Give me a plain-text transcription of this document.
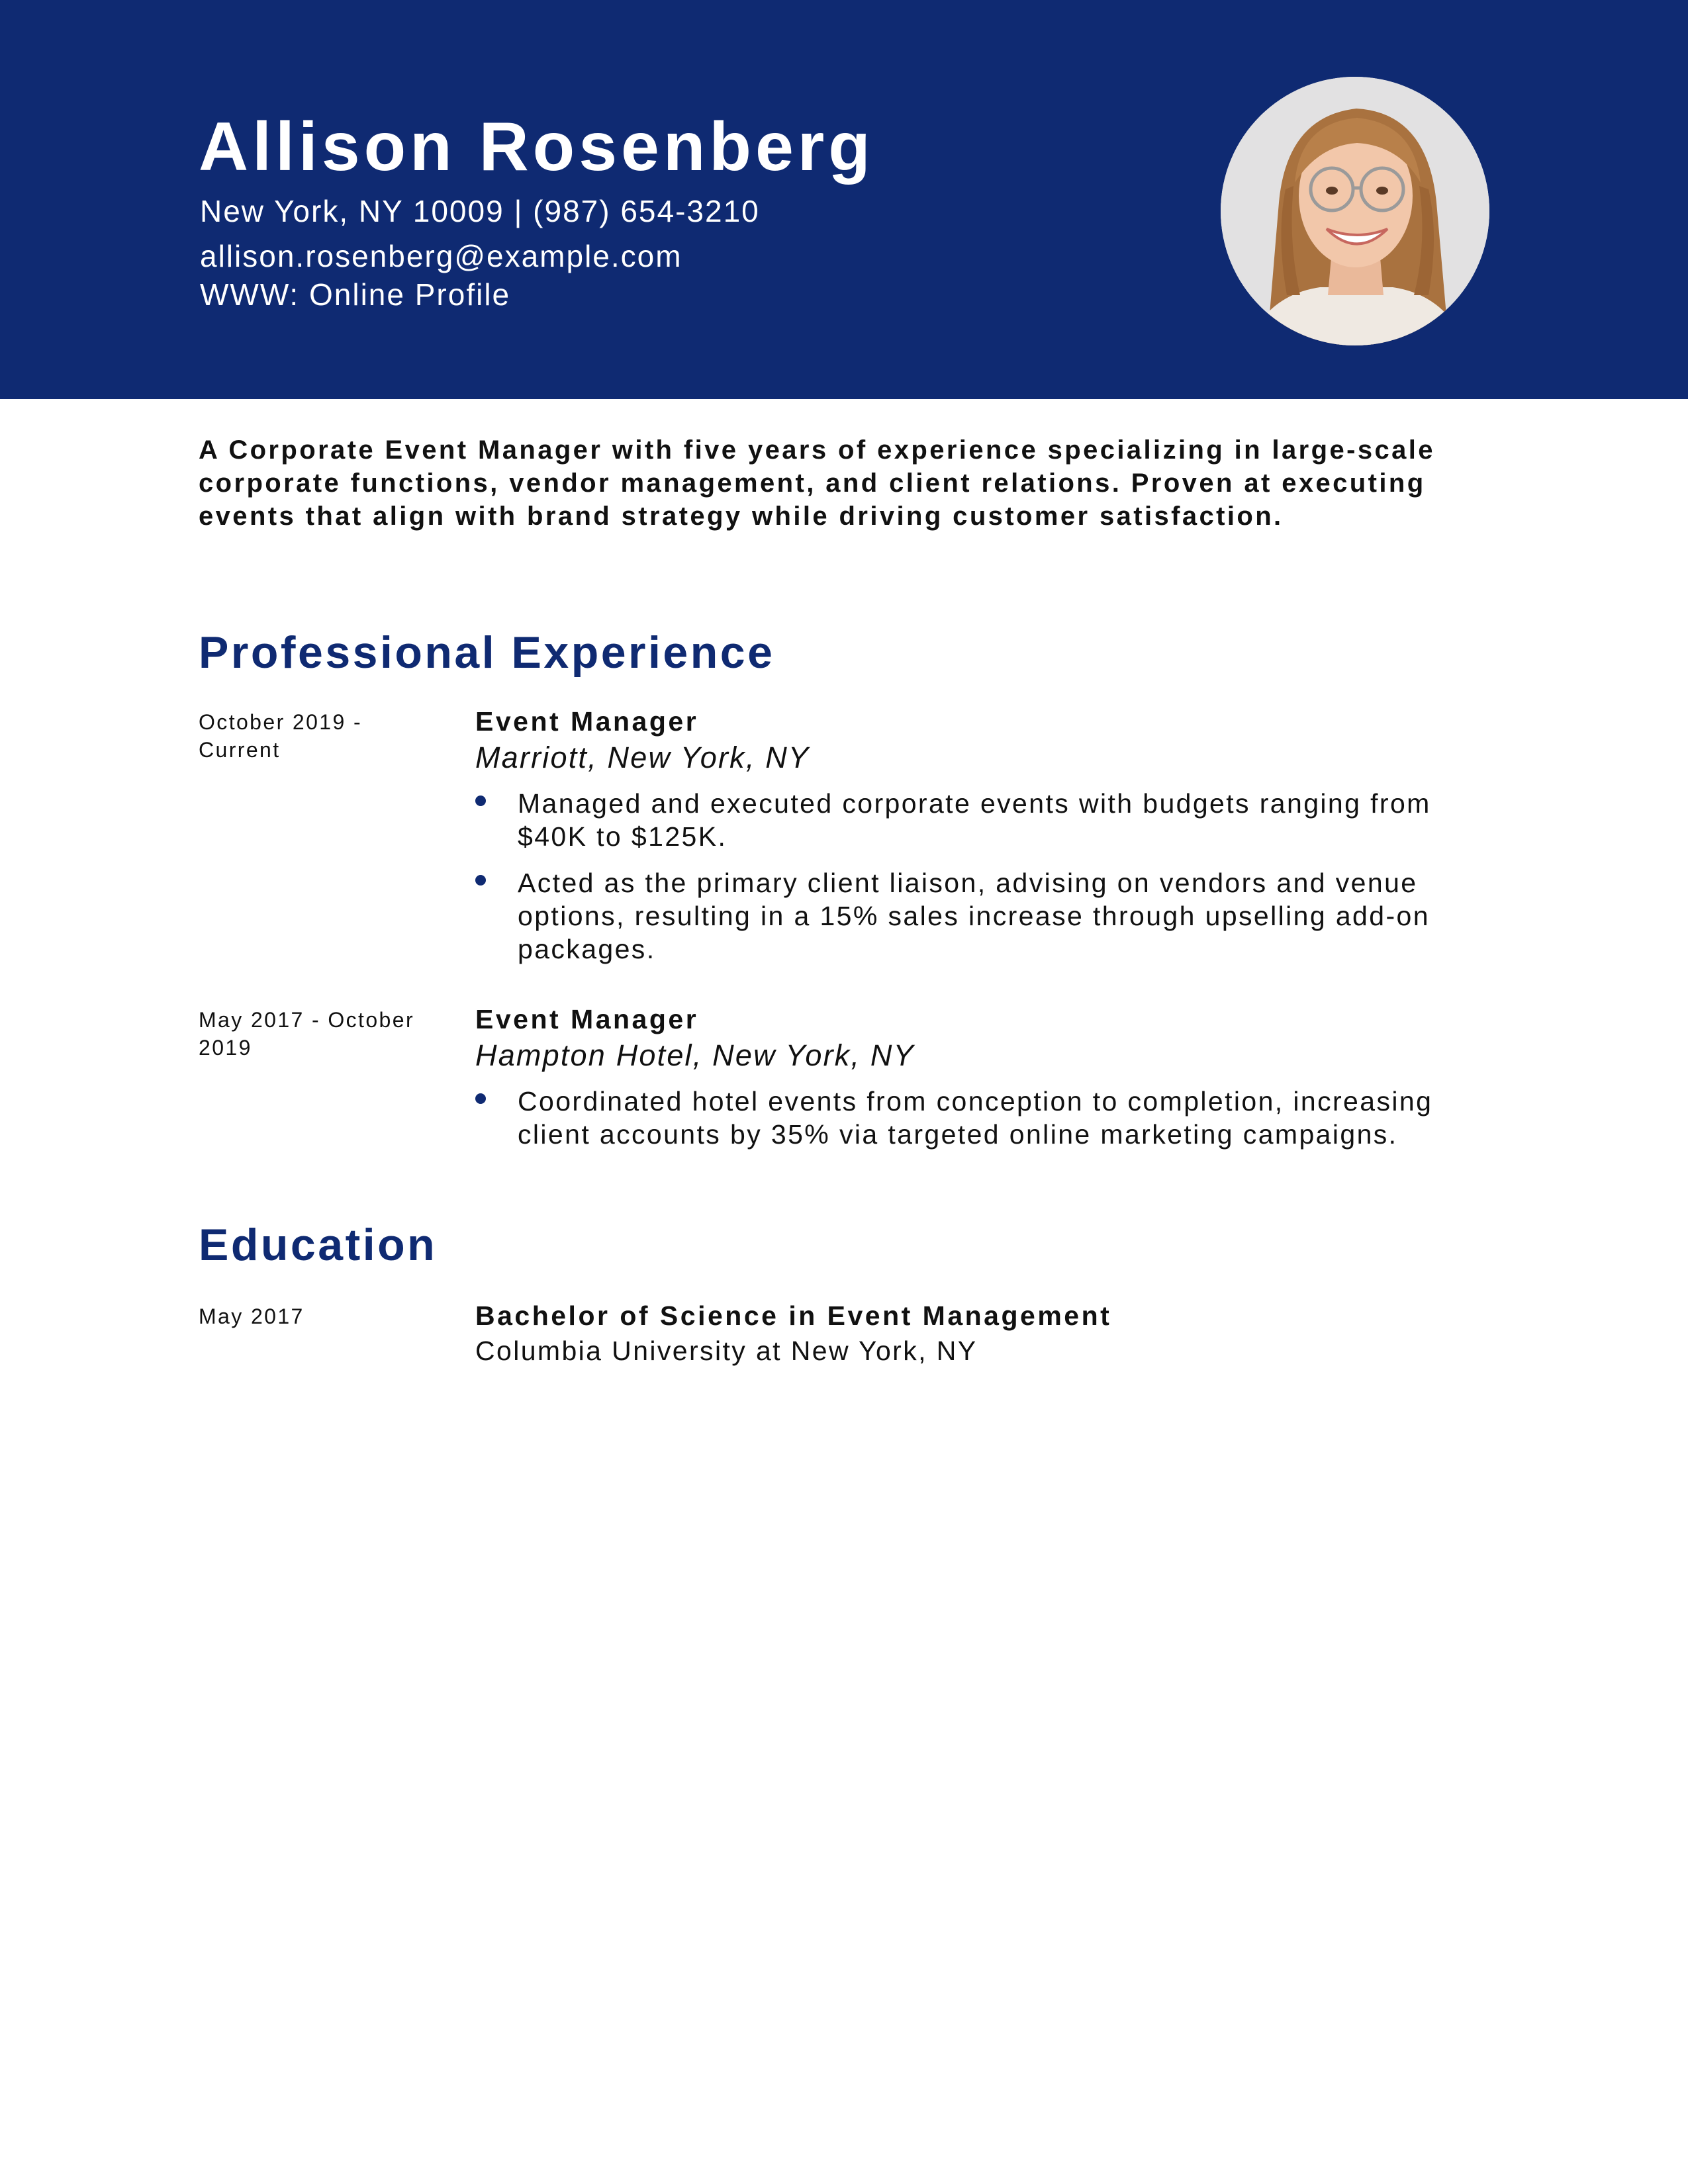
Allison Rosenberg
New York, NY 10009 | (987) 654-3210
allison.rosenberg@example.com
WWW: Online Profile

A Corporate Event Manager with five years of experience specializing in large-scale corporate functions, vendor management, and client relations. Proven at executing events that align with brand strategy while driving customer satisfaction.

Professional Experience
October 2019 - Current
Event Manager
Marriott, New York, NY
Managed and executed corporate events with budgets ranging from $40K to $125K.
Acted as the primary client liaison, advising on vendors and venue options, resulting in a 15% sales increase through upselling add-on packages.
May 2017 - October 2019
Event Manager
Hampton Hotel, New York, NY
Coordinated hotel events from conception to completion, increasing client accounts by 35% via targeted online marketing campaigns.
Education
May 2017	Bachelor of Science in Event Management
Columbia University at New York, NY
